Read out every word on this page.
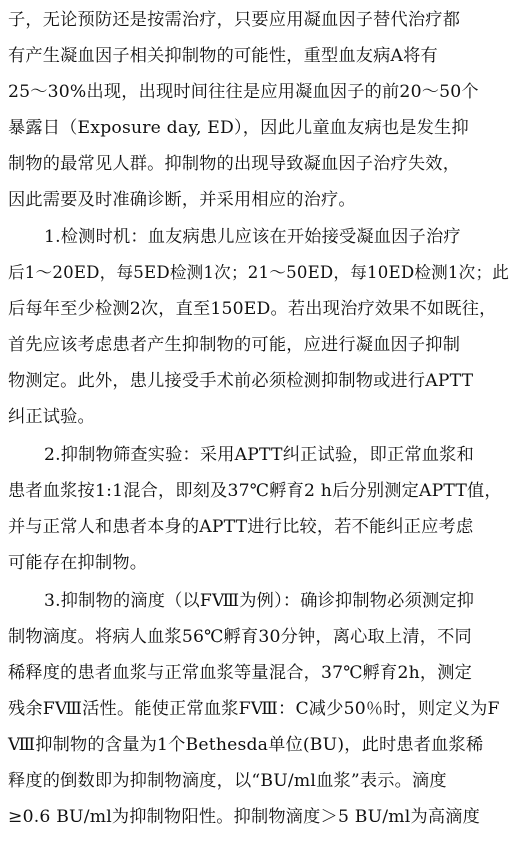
子，无论预防还是按需治疗，只要应用凝血因子替代治疗都
有产生凝血因子相关抑制物的可能性，重型血友病A将有
25～30%出现，出现时间往往是应用凝血因子的前20～50个
暴露日（Exposure day, ED），因此儿童血友病也是发生抑
制物的最常见人群。抑制物的出现导致凝血因子治疗失效，
因此需要及时准确诊断，并采用相应的治疗。
1.检测时机：血友病患儿应该在开始接受凝血因子治疗
后1～20ED，每5ED检测1次；21～50ED，每10ED检测1次；此
后每年至少检测2次，直至150ED。若出现治疗效果不如既往，
首先应该考虑患者产生抑制物的可能，应进行凝血因子抑制
物测定。此外，患儿接受手术前必须检测抑制物或进行APTT
纠正试验。
2.抑制物筛查实验：采用APTT纠正试验，即正常血浆和
患者血浆按1:1混合，即刻及37℃孵育2 h后分别测定APTT值，
并与正常人和患者本身的APTT进行比较，若不能纠正应考虑
可能存在抑制物。
3.抑制物的滴度（以FⅧ为例）：确诊抑制物必须测定抑
制物滴度。将病人血浆56℃孵育30分钟，离心取上清，不同
稀释度的患者血浆与正常血浆等量混合，37℃孵育2h，测定
残余FⅧ活性。能使正常血浆FⅧ：C减少50％时，则定义为F
Ⅷ抑制物的含量为1个Bethesda单位(BU)，此时患者血浆稀
释度的倒数即为抑制物滴度，以“BU/ml血浆”表示。滴度
≥0.6 BU/ml为抑制物阳性。抑制物滴度＞5 BU/ml为高滴度
